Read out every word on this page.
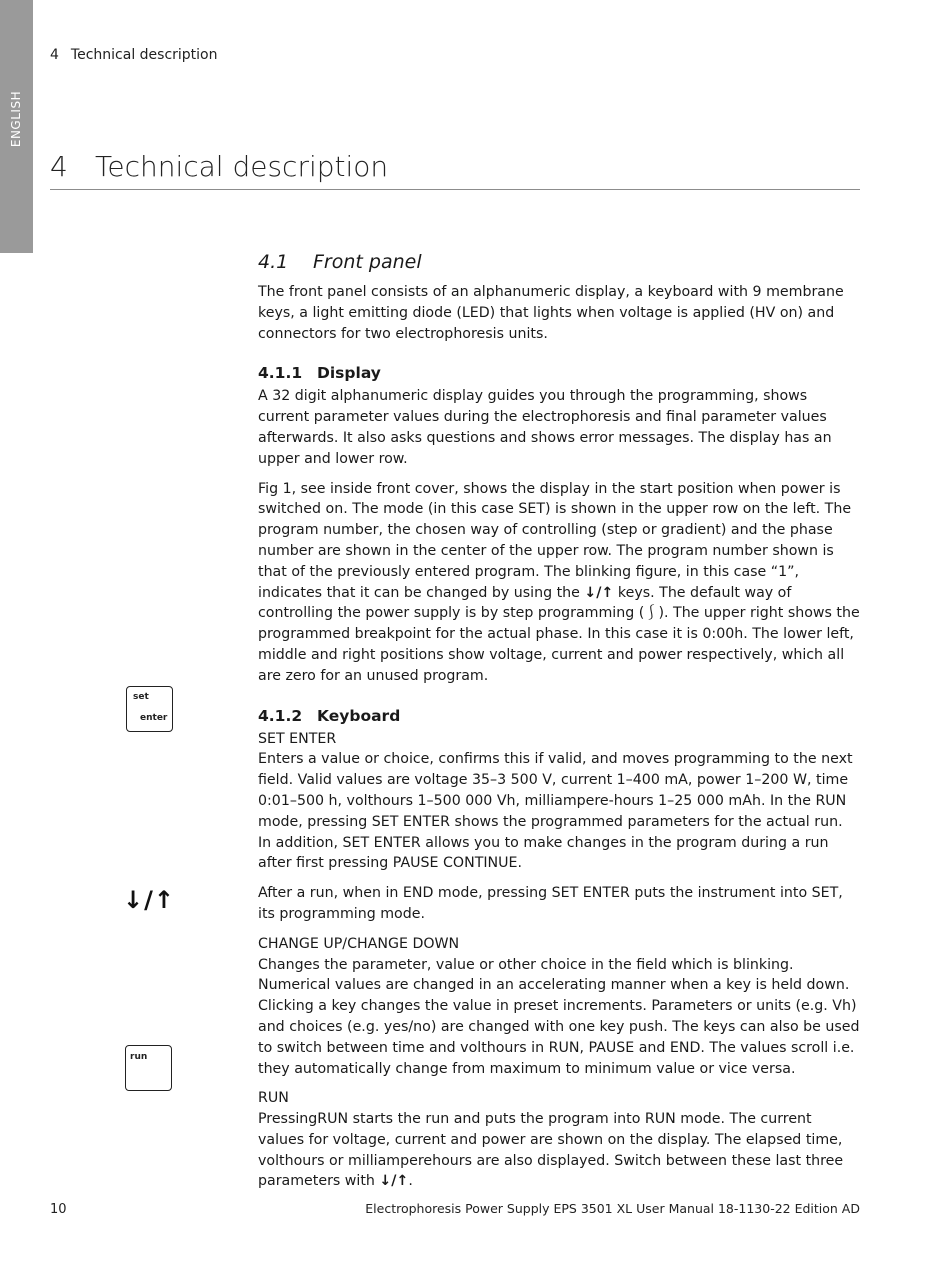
ENGLISH
4 Technical description
4 Technical description
4.1 Front panel

The front panel consists of an alphanumeric display, a keyboard with 9 membrane keys, a light emitting diode (LED) that lights when voltage is applied (HV on) and connectors for two electrophoresis units.

4.1.1 Display

A 32 digit alphanumeric display guides you through the programming, shows current parameter values during the electrophoresis and final parameter values afterwards. It also asks questions and shows error messages. The display has an upper and lower row.

Fig 1, see inside front cover, shows the display in the start position when power is switched on. The mode (in this case SET) is shown in the upper row on the left. The program number, the chosen way of controlling (step or gradient) and the phase number are shown in the center of the upper row. The program number shown is that of the previously entered program. The blinking figure, in this case “1”, indicates that it can be changed by using the ↓/↑ keys. The default way of controlling the power supply is by step programming (⎰). The upper right shows the programmed breakpoint for the actual phase. In this case it is 0:00h. The lower left, middle and right positions show voltage, current and power respectively, which all are zero for an unused program.

4.1.2 Keyboard

SET ENTER

Enters a value or choice, confirms this if valid, and moves programming to the next field. Valid values are voltage 35–3 500 V, current 1–400 mA, power 1–200 W, time 0:01–500 h, volthours 1–500 000 Vh, milliampere-hours 1–25 000 mAh. In the RUN mode, pressing SET ENTER shows the programmed parameters for the actual run. In addition, SET ENTER allows you to make changes in the program during a run after first pressing PAUSE CONTINUE.

After a run, when in END mode, pressing SET ENTER puts the instrument into SET, its programming mode.

CHANGE UP/CHANGE DOWN

Changes the parameter, value or other choice in the field which is blinking. Numerical values are changed in an accelerating manner when a key is held down. Clicking a key changes the value in preset increments. Parameters or units (e.g. Vh) and choices (e.g. yes/no) are changed with one key push. The keys can also be used to switch between time and volthours in RUN, PAUSE and END. The values scroll i.e. they automatically change from maximum to minimum value or vice versa.

RUN

PressingRUN starts the run and puts the program into RUN mode. The current values for voltage, current and power are shown on the display. The elapsed time, volthours or milliamperehours are also displayed. Switch between these last three parameters with ↓/↑.

set
enter
↓/↑
run
10	Electrophoresis Power Supply EPS 3501 XL User Manual 18-1130-22 Edition AD
